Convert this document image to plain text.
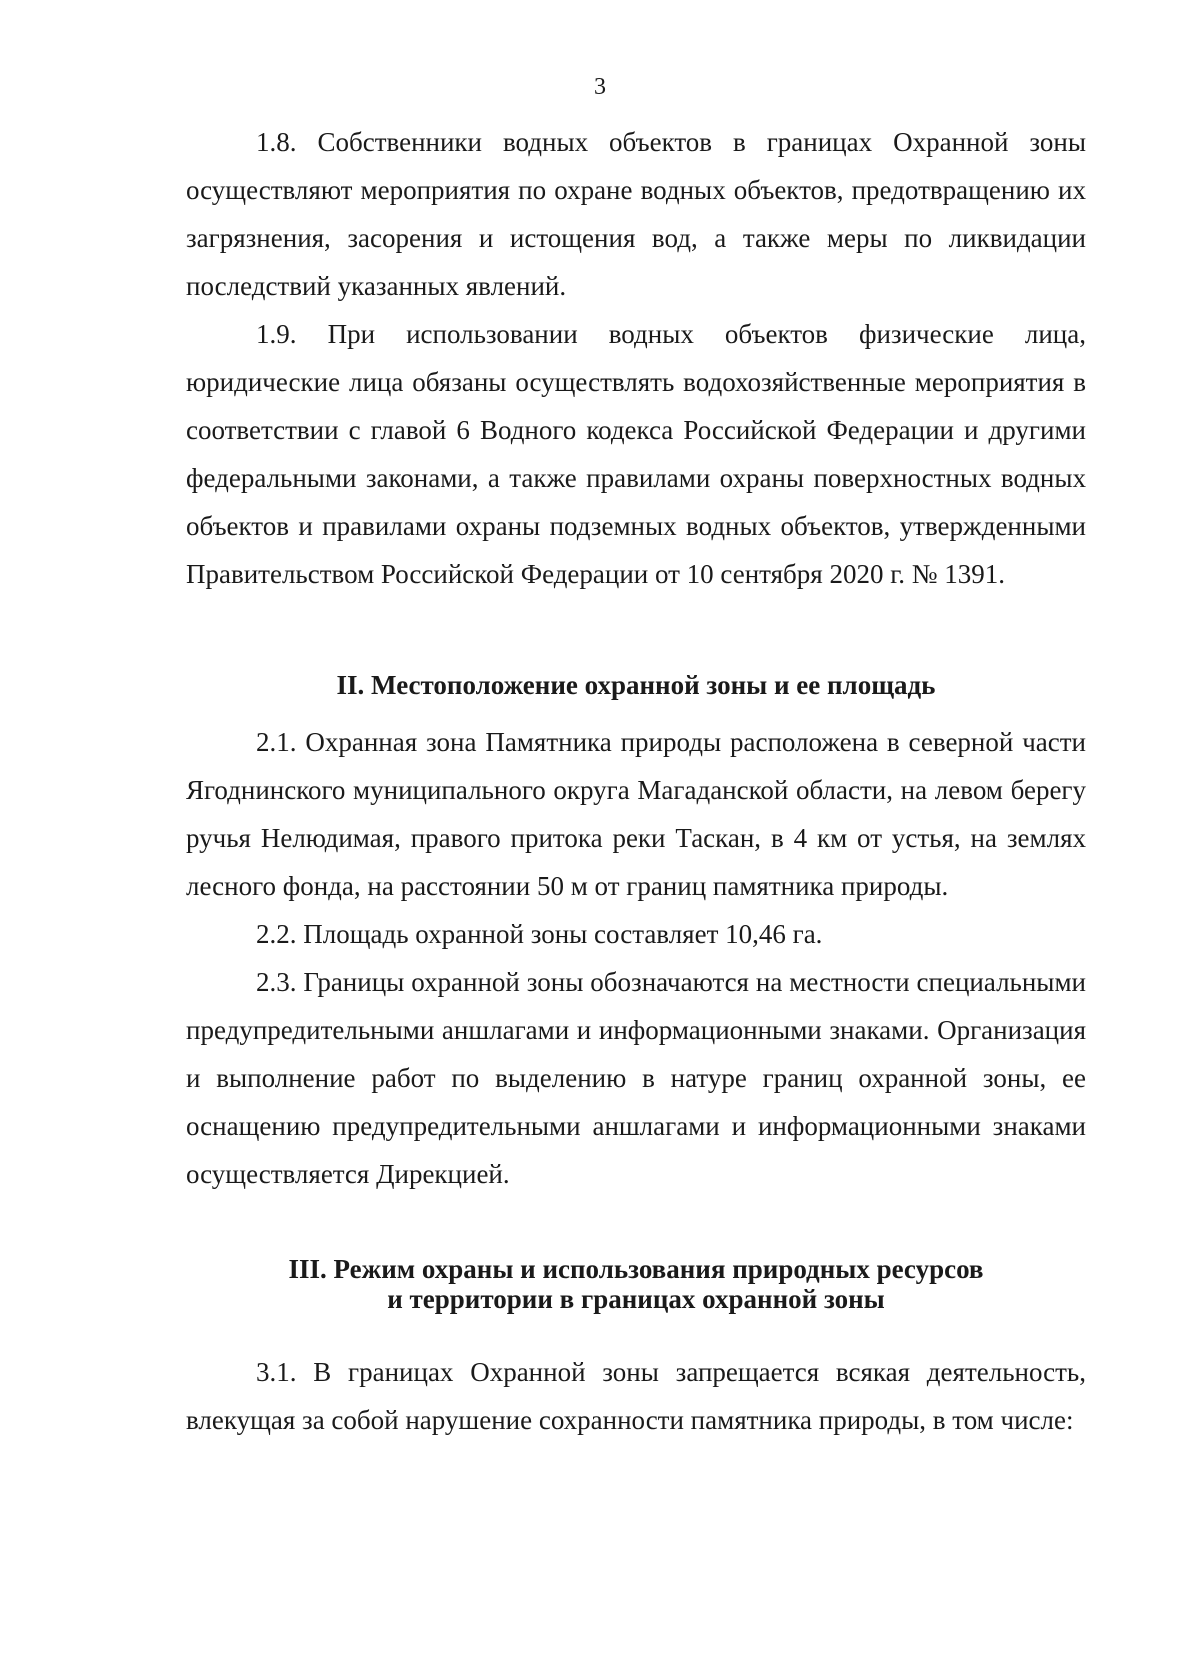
3

1.8. Собственники водных объектов в границах Охранной зоны осуществляют мероприятия по охране водных объектов, предотвращению их загрязнения, засорения и истощения вод, а также меры по ликвидации последствий указанных явлений.

1.9. При использовании водных объектов физические лица, юридические лица обязаны осуществлять водохозяйственные мероприятия в соответствии с главой 6 Водного кодекса Российской Федерации и другими федеральными законами, а также правилами охраны поверхностных водных объектов и правилами охраны подземных водных объектов, утвержденными Правительством Российской Федерации от 10 сентября 2020 г. № 1391.

II. Местоположение охранной зоны и ее площадь

2.1. Охранная зона Памятника природы расположена в северной части Ягоднинского муниципального округа Магаданской области, на левом берегу ручья Нелюдимая, правого притока реки Таскан, в 4 км от устья, на землях лесного фонда, на расстоянии 50 м от границ памятника природы.

2.2. Площадь охранной зоны составляет 10,46 га.

2.3. Границы охранной зоны обозначаются на местности специальными предупредительными аншлагами и информационными знаками. Организация и выполнение работ по выделению в натуре границ охранной зоны, ее оснащению предупредительными аншлагами и информационными знаками осуществляется Дирекцией.

III. Режим охраны и использования природных ресурсов
и территории в границах охранной зоны

3.1. В границах Охранной зоны запрещается всякая деятельность, влекущая за собой нарушение сохранности памятника природы, в том числе:
